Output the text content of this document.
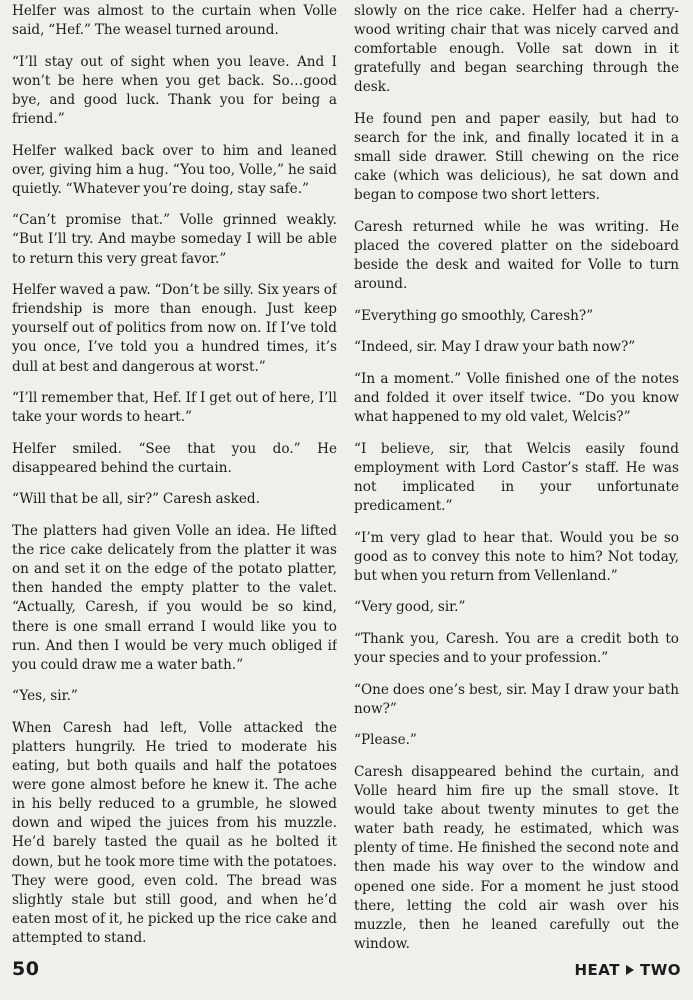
Helfer was almost to the curtain when Volle said, “Hef.” The weasel turned around.

“I’ll stay out of sight when you leave. And I won’t be here when you get back. So…good bye, and good luck. Thank you for being a friend.”

Helfer walked back over to him and leaned over, giving him a hug. “You too, Volle,” he said quietly. “Whatever you’re doing, stay safe.”

“Can’t promise that.” Volle grinned weakly. “But I’ll try. And maybe someday I will be able to return this very great favor.”

Helfer waved a paw. “Don’t be silly. Six years of friendship is more than enough. Just keep yourself out of politics from now on. If I’ve told you once, I’ve told you a hundred times, it’s dull at best and dangerous at worst.”

“I’ll remember that, Hef. If I get out of here, I’ll take your words to heart.”

Helfer smiled. “See that you do.” He disappeared behind the curtain.

“Will that be all, sir?” Caresh asked.

The platters had given Volle an idea. He lifted the rice cake delicately from the platter it was on and set it on the edge of the potato platter, then handed the empty platter to the valet. “Actually, Caresh, if you would be so kind, there is one small errand I would like you to run. And then I would be very much obliged if you could draw me a water bath.”

“Yes, sir.”

When Caresh had left, Volle attacked the platters hungrily. He tried to moderate his eating, but both quails and half the potatoes were gone almost before he knew it. The ache in his belly reduced to a grumble, he slowed down and wiped the juices from his muzzle. He’d barely tasted the quail as he bolted it down, but he took more time with the potatoes. They were good, even cold. The bread was slightly stale but still good, and when he’d eaten most of it, he picked up the rice cake and attempted to stand.

slowly on the rice cake. Helfer had a cherry-wood writing chair that was nicely carved and comfortable enough. Volle sat down in it gratefully and began searching through the desk.

He found pen and paper easily, but had to search for the ink, and finally located it in a small side drawer. Still chewing on the rice cake (which was delicious), he sat down and began to compose two short letters.

Caresh returned while he was writing. He placed the covered platter on the sideboard beside the desk and waited for Volle to turn around.

“Everything go smoothly, Caresh?”

“Indeed, sir. May I draw your bath now?”

“In a moment.” Volle finished one of the notes and folded it over itself twice. “Do you know what happened to my old valet, Welcis?”

“I believe, sir, that Welcis easily found employment with Lord Castor’s staff. He was not implicated in your unfortunate predicament.”

“I’m very glad to hear that. Would you be so good as to convey this note to him? Not today, but when you return from Vellenland.”

“Very good, sir.”

“Thank you, Caresh. You are a credit both to your species and to your profession.”

“One does one’s best, sir. May I draw your bath now?”

“Please.”

Caresh disappeared behind the curtain, and Volle heard him fire up the small stove. It would take about twenty minutes to get the water bath ready, he estimated, which was plenty of time. He finished the second note and then made his way over to the window and opened one side. For a moment he just stood there, letting the cold air wash over his muzzle, then he leaned carefully out the window.

50	HEAT TWO
